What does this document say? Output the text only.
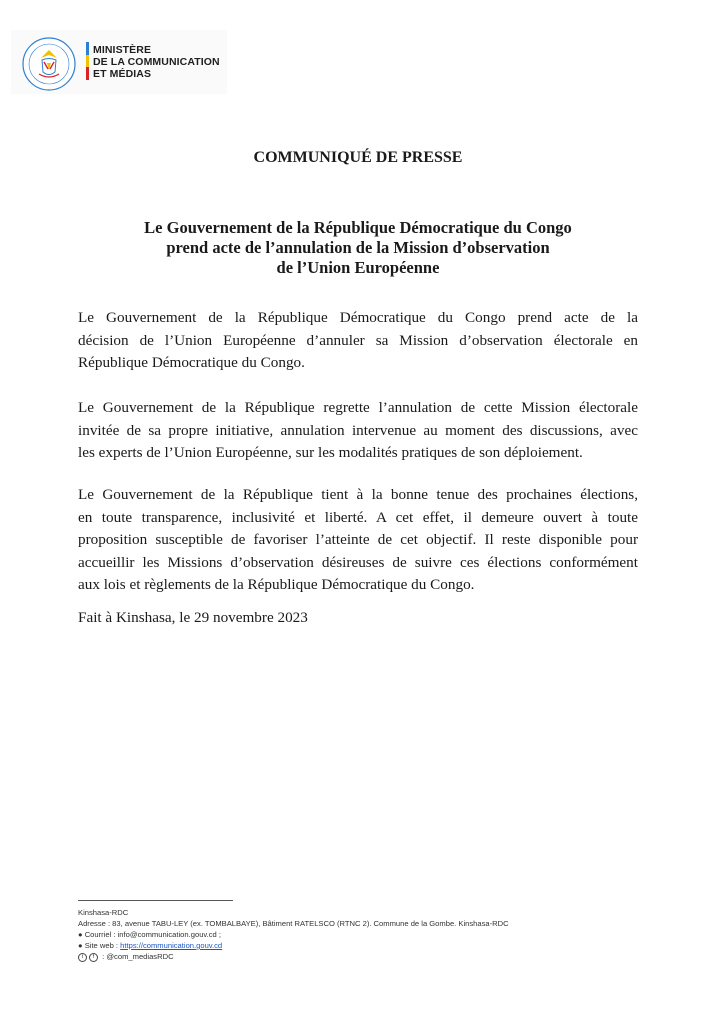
MINISTÈRE
DE LA COMMUNICATION
ET MÉDIAS
COMMUNIQUÉ DE PRESSE
Le Gouvernement de la République Démocratique du Congo
prend acte de l’annulation de la Mission d’observation
de l’Union Européenne
Le Gouvernement de la République Démocratique du Congo prend acte de la
décision de l’Union Européenne d’annuler sa Mission d’observation électorale en
République Démocratique du Congo.
Le Gouvernement de la République regrette l’annulation de cette Mission électorale
invitée de sa propre initiative, annulation intervenue au moment des discussions, avec
les experts de l’Union Européenne, sur les modalités pratiques de son déploiement.
Le Gouvernement de la République tient à la bonne tenue des prochaines élections,
en toute transparence, inclusivité et liberté. A cet effet, il demeure ouvert à toute
proposition susceptible de favoriser l’atteinte de cet objectif. Il reste disponible pour
accueillir les Missions d’observation désireuses de suivre ces élections conformément
aux lois et règlements de la République Démocratique du Congo.

Fait à Kinshasa, le 29 novembre 2023

Kinshasa-RDC
Adresse : 83, avenue TABU-LEY (ex. TOMBALBAYE), Bâtiment RATELSCO (RTNC 2). Commune de la Gombe. Kinshasa-RDC
● Courriel : info@communication.gouv.cd ;
● Site web : https://communication.gouv.cd
t f : @com_mediasRDC
